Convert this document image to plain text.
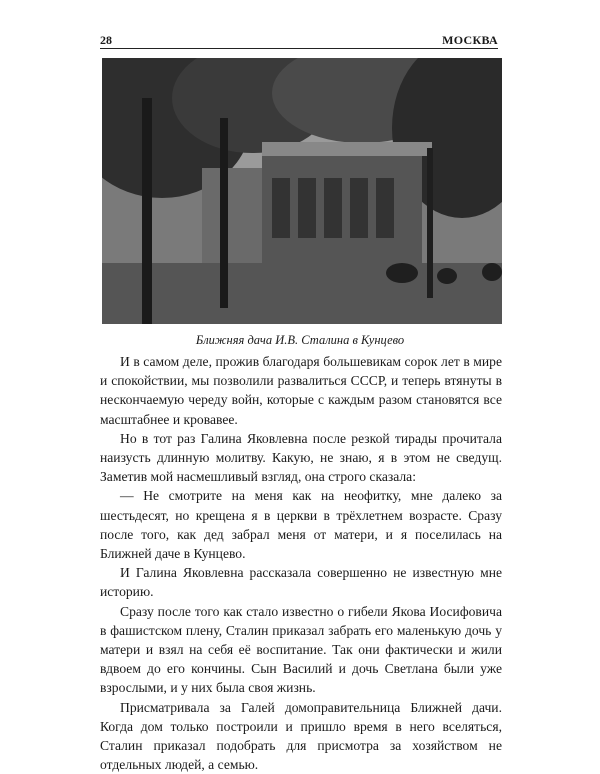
28	МОСКВА
Ближняя дача И.В. Сталина в Кунцево

И в самом деле, прожив благодаря большевикам сорок лет в мире и спокойствии, мы позволили развалиться СССР, и теперь втянуты в нескончаемую череду войн, которые с каждым разом становятся все масштабнее и кровавее.

Но в тот раз Галина Яковлевна после резкой тирады прочитала наизусть длинную молитву. Какую, не знаю, я в этом не сведущ. Заметив мой насмешливый взгляд, она строго сказала:

— Не смотрите на меня как на неофитку, мне далеко за шестьдесят, но крещена я в церкви в трёхлетнем возрасте. Сразу после того, как дед забрал меня от матери, и я поселилась на Ближней даче в Кунцево.

И Галина Яковлевна рассказала совершенно не известную мне историю.

Сразу после того как стало известно о гибели Якова Иосифовича в фашистском плену, Сталин приказал забрать его маленькую дочь у матери и взял на себя её воспитание. Так они фактически и жили вдвоем до его кончины. Сын Василий и дочь Светлана были уже взрослыми, и у них была своя жизнь.

Присматривала за Галей домоправительница Ближней дачи. Когда дом только построили и пришло время в него вселяться, Сталин приказал подобрать для присмотра за хозяйством не отдельных людей, а семью.
